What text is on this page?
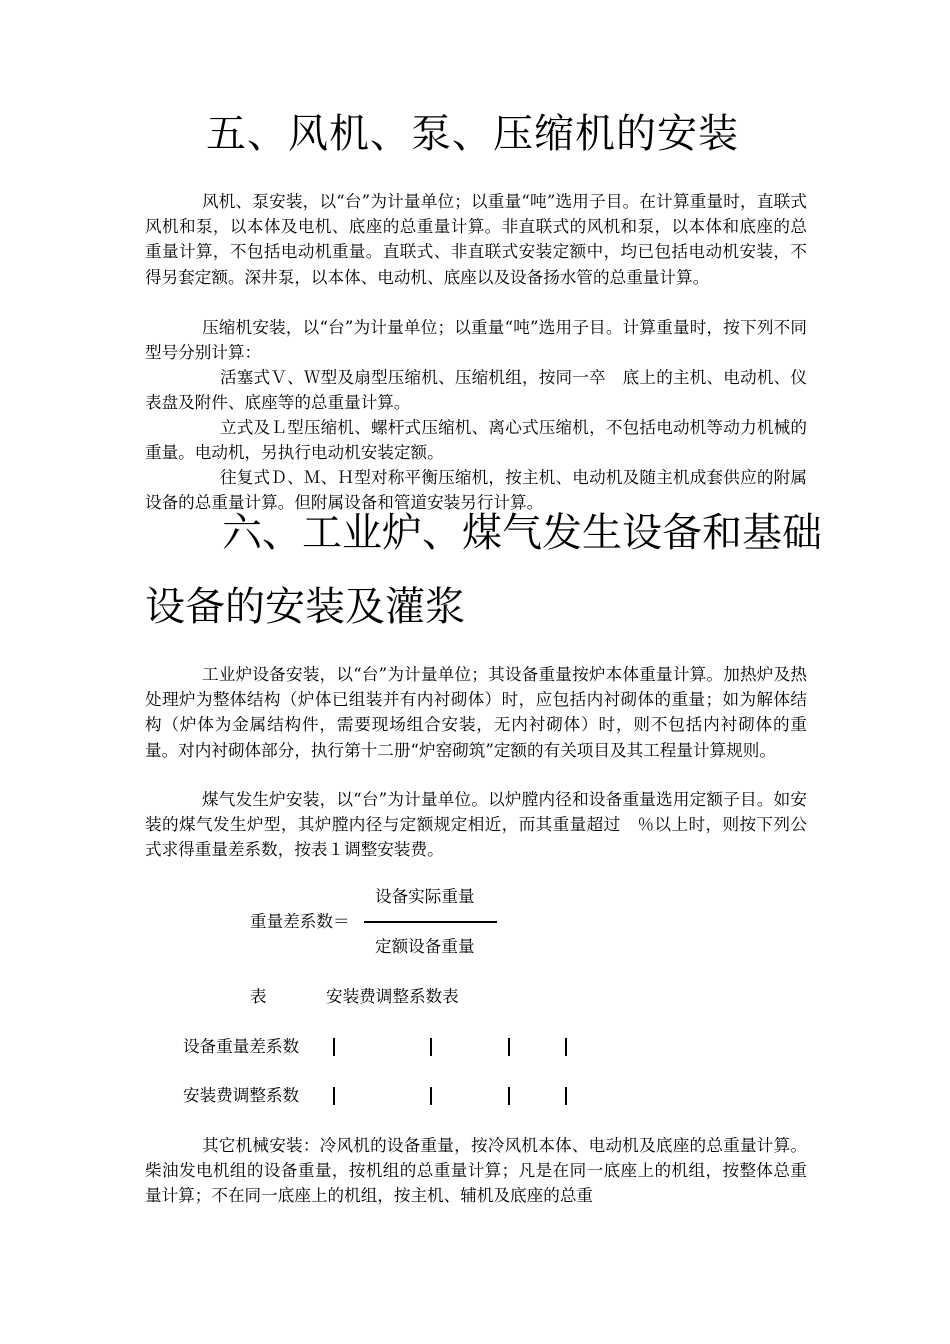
五、风机、泵、压缩机的安装

风机、泵安装，以“台”为计量单位；以重量“吨”选用子目。在计算重量时，直联式风机和泵，以本体及电机、底座的总重量计算。非直联式的风机和泵，以本体和底座的总重量计算，不包括电动机重量。直联式、非直联式安装定额中，均已包括电动机安装，不得另套定额。深井泵，以本体、电动机、底座以及设备扬水管的总重量计算。

压缩机安装，以“台”为计量单位；以重量“吨”选用子目。计算重量时，按下列不同型号分别计算：

活塞式Ｖ、Ｗ型及扇型压缩机、压缩机组，按同一卒　底上的主机、电动机、仪表盘及附件、底座等的总重量计算。

立式及Ｌ型压缩机、螺杆式压缩机、离心式压缩机，不包括电动机等动力机械的重量。电动机，另执行电动机安装定额。

往复式Ｄ、Ｍ、Ｈ型对称平衡压缩机，按主机、电动机及随主机成套供应的附属设备的总重量计算。但附属设备和管道安装另行计算。

六、工业炉、煤气发生设备和基础
设备的安装及灌浆

工业炉设备安装，以“台”为计量单位；其设备重量按炉本体重量计算。加热炉及热处理炉为整体结构（炉体已组装并有内衬砌体）时，应包括内衬砌体的重量；如为解体结构（炉体为金属结构件，需要现场组合安装，无内衬砌体）时，则不包括内衬砌体的重量。对内衬砌体部分，执行第十二册“炉窑砌筑”定额的有关项目及其工程量计算规则。

煤气发生炉安装，以“台”为计量单位。以炉膛内径和设备重量选用定额子目。如安装的煤气发生炉型，其炉膛内径与定额规定相近，而其重量超过　％以上时，则按下列公式求得重量差系数，按表１调整安装费。

设备实际重量
重量差系数＝
定额设备重量
表	安装费调整系数表
设备重量差系数
安装费调整系数

其它机械安装：冷风机的设备重量，按冷风机本体、电动机及底座的总重量计算。柴油发电机组的设备重量，按机组的总重量计算；凡是在同一底座上的机组，按整体总重量计算；不在同一底座上的机组，按主机、辅机及底座的总重
